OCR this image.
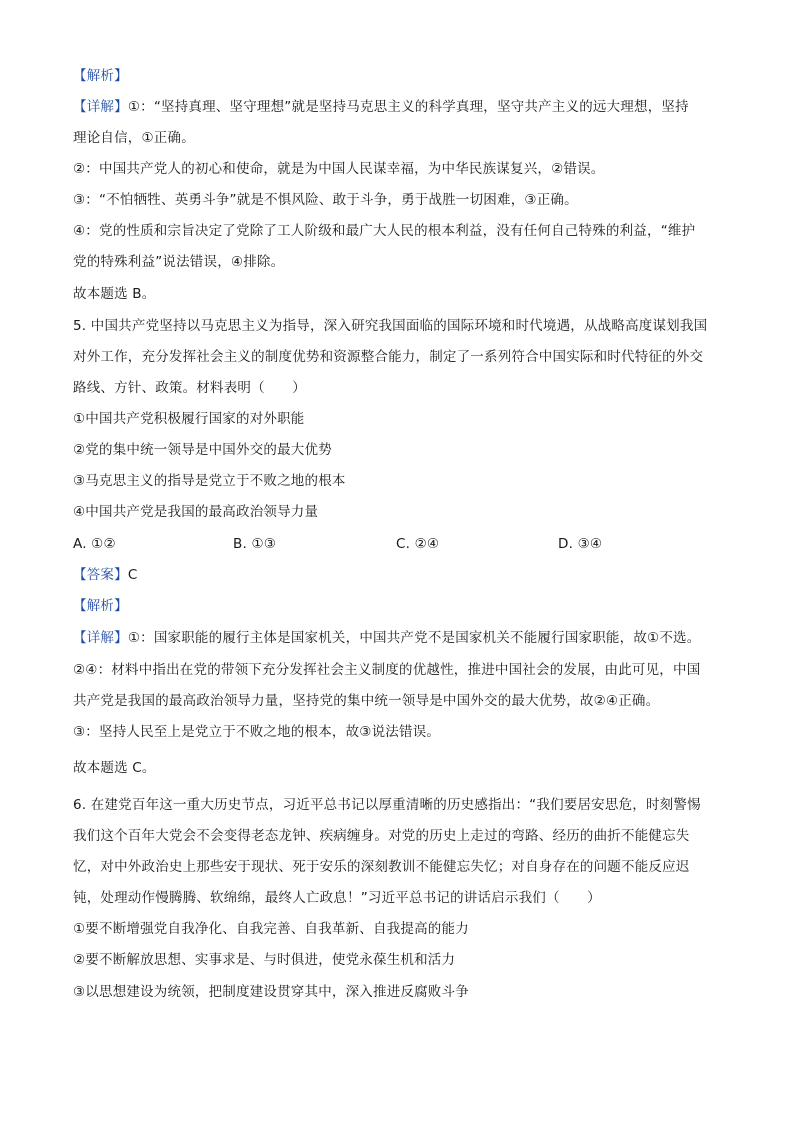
【解析】
【详解】①：“坚持真理、坚守理想”就是坚持马克思主义的科学真理，坚守共产主义的远大理想，坚持
理论自信，①正确。
②：中国共产党人的初心和使命，就是为中国人民谋幸福，为中华民族谋复兴，②错误。
③：“不怕牺牲、英勇斗争”就是不惧风险、敢于斗争，勇于战胜一切困难，③正确。
④：党的性质和宗旨决定了党除了工人阶级和最广大人民的根本利益，没有任何自己特殊的利益，“维护
党的特殊利益”说法错误，④排除。
故本题选 B。
5. 中国共产党坚持以马克思主义为指导，深入研究我国面临的国际环境和时代境遇，从战略高度谋划我国
对外工作，充分发挥社会主义的制度优势和资源整合能力，制定了一系列符合中国实际和时代特征的外交
路线、方针、政策。材料表明（　　）
①中国共产党积极履行国家的对外职能
②党的集中统一领导是中国外交的最大优势
③马克思主义的指导是党立于不败之地的根本
④中国共产党是我国的最高政治领导力量
A. ①②	B. ①③	C. ②④	D. ③④
【答案】C
【解析】
【详解】①：国家职能的履行主体是国家机关，中国共产党不是国家机关不能履行国家职能，故①不选。
②④：材料中指出在党的带领下充分发挥社会主义制度的优越性，推进中国社会的发展，由此可见，中国
共产党是我国的最高政治领导力量，坚持党的集中统一领导是中国外交的最大优势，故②④正确。
③：坚持人民至上是党立于不败之地的根本，故③说法错误。
故本题选 C。
6. 在建党百年这一重大历史节点，习近平总书记以厚重清晰的历史感指出：“我们要居安思危，时刻警惕
我们这个百年大党会不会变得老态龙钟、疾病缠身。对党的历史上走过的弯路、经历的曲折不能健忘失
忆，对中外政治史上那些安于现状、死于安乐的深刻教训不能健忘失忆；对自身存在的问题不能反应迟
钝，处理动作慢腾腾、软绵绵，最终人亡政息！”习近平总书记的讲话启示我们（　　）
①要不断增强党自我净化、自我完善、自我革新、自我提高的能力
②要不断解放思想、实事求是、与时俱进，使党永葆生机和活力
③以思想建设为统领，把制度建设贯穿其中，深入推进反腐败斗争
